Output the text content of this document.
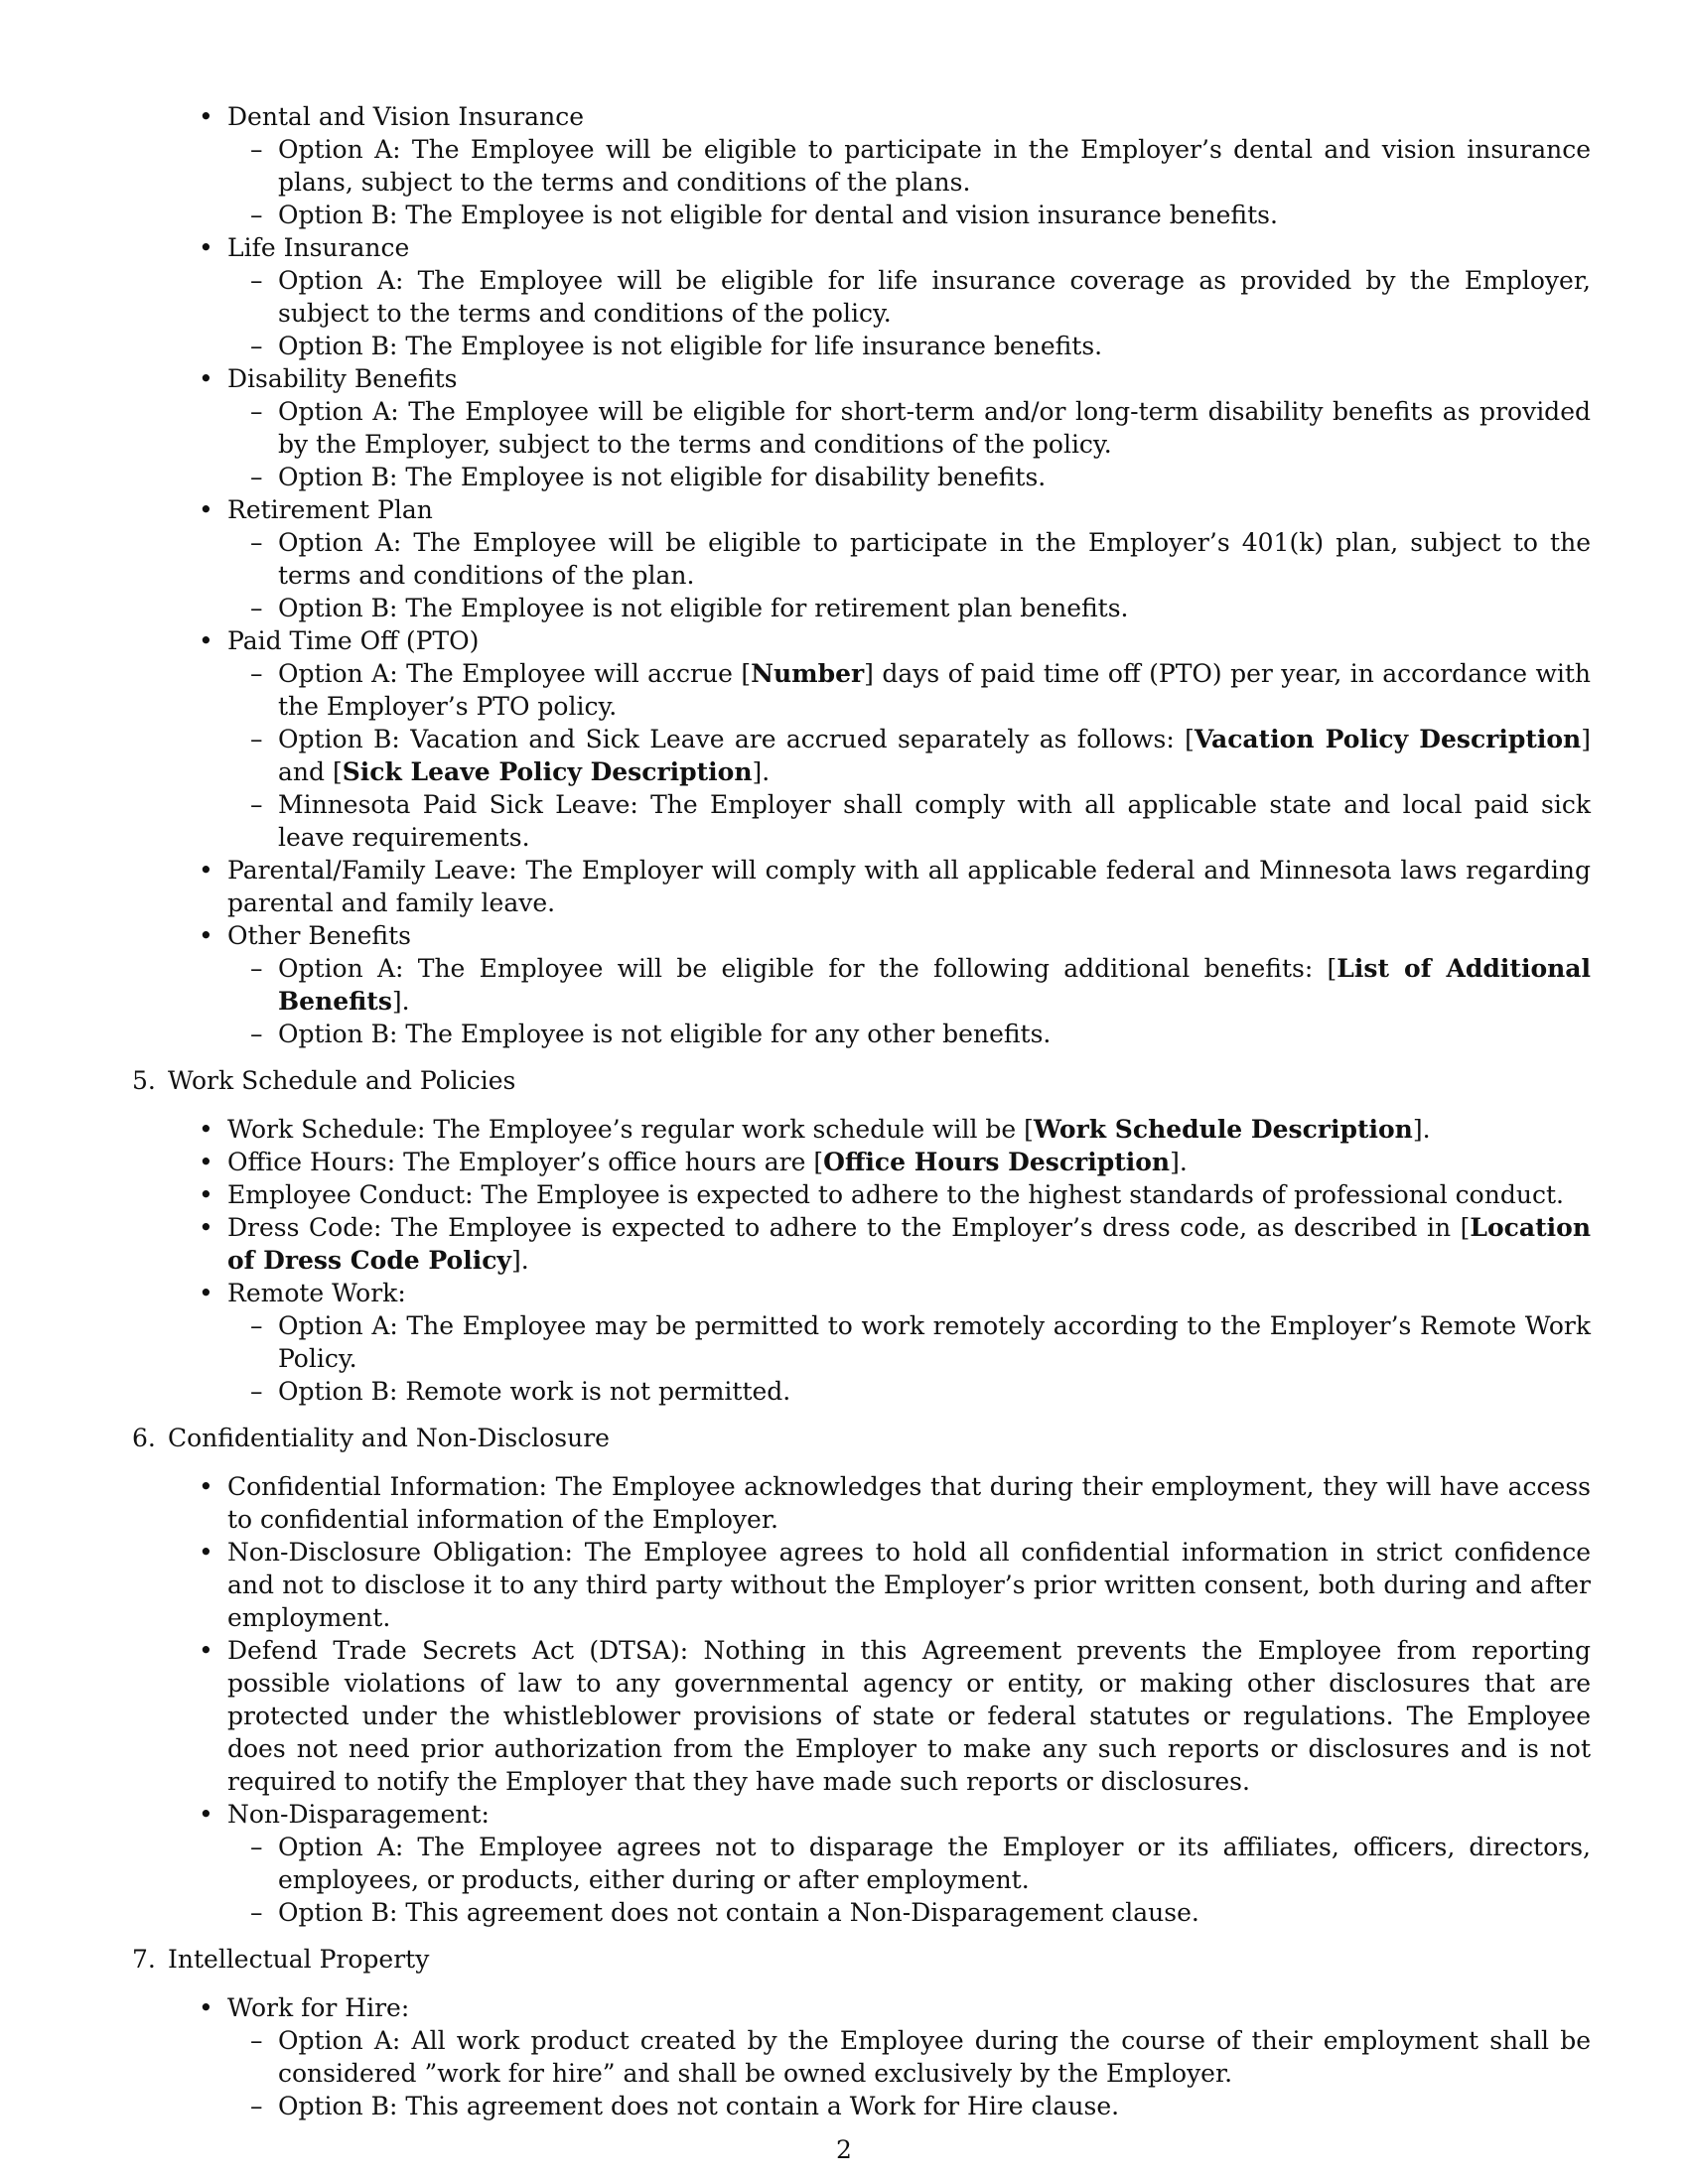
• Dental and Vision Insurance
– Option A: The Employee will be eligible to participate in the Employer’s dental and vision insurance plans, subject to the terms and conditions of the plans.
– Option B: The Employee is not eligible for dental and vision insurance benefits.
• Life Insurance
– Option A: The Employee will be eligible for life insurance coverage as provided by the Employer, subject to the terms and conditions of the policy.
– Option B: The Employee is not eligible for life insurance benefits.
• Disability Benefits
– Option A: The Employee will be eligible for short-term and/or long-term disability benefits as provided by the Employer, subject to the terms and conditions of the policy.
– Option B: The Employee is not eligible for disability benefits.
• Retirement Plan
– Option A: The Employee will be eligible to participate in the Employer’s 401(k) plan, subject to the terms and conditions of the plan.
– Option B: The Employee is not eligible for retirement plan benefits.
• Paid Time Off (PTO)
– Option A: The Employee will accrue [Number] days of paid time off (PTO) per year, in accordance with the Employer’s PTO policy.
– Option B: Vacation and Sick Leave are accrued separately as follows: [Vacation Policy Description] and [Sick Leave Policy Description].
– Minnesota Paid Sick Leave: The Employer shall comply with all applicable state and local paid sick leave requirements.
• Parental/Family Leave: The Employer will comply with all applicable federal and Minnesota laws regarding parental and family leave.
• Other Benefits
– Option A: The Employee will be eligible for the following additional benefits: [List of Additional Benefits].
– Option B: The Employee is not eligible for any other benefits.
5. Work Schedule and Policies
• Work Schedule: The Employee’s regular work schedule will be [Work Schedule Description].
• Office Hours: The Employer’s office hours are [Office Hours Description].
• Employee Conduct: The Employee is expected to adhere to the highest standards of professional conduct.
• Dress Code: The Employee is expected to adhere to the Employer’s dress code, as described in [Location of Dress Code Policy].
• Remote Work:
– Option A: The Employee may be permitted to work remotely according to the Employer’s Remote Work Policy.
– Option B: Remote work is not permitted.
6. Confidentiality and Non-Disclosure
• Confidential Information: The Employee acknowledges that during their employment, they will have access to confidential information of the Employer.
• Non-Disclosure Obligation: The Employee agrees to hold all confidential information in strict confidence and not to disclose it to any third party without the Employer’s prior written consent, both during and after employment.
• Defend Trade Secrets Act (DTSA): Nothing in this Agreement prevents the Employee from reporting possible violations of law to any governmental agency or entity, or making other disclosures that are protected under the whistleblower provisions of state or federal statutes or regulations. The Employee does not need prior authorization from the Employer to make any such reports or disclosures and is not required to notify the Employer that they have made such reports or disclosures.
• Non-Disparagement:
– Option A: The Employee agrees not to disparage the Employer or its affiliates, officers, directors, employees, or products, either during or after employment.
– Option B: This agreement does not contain a Non-Disparagement clause.
7. Intellectual Property
• Work for Hire:
– Option A: All work product created by the Employee during the course of their employment shall be considered ”work for hire” and shall be owned exclusively by the Employer.
– Option B: This agreement does not contain a Work for Hire clause.
2
